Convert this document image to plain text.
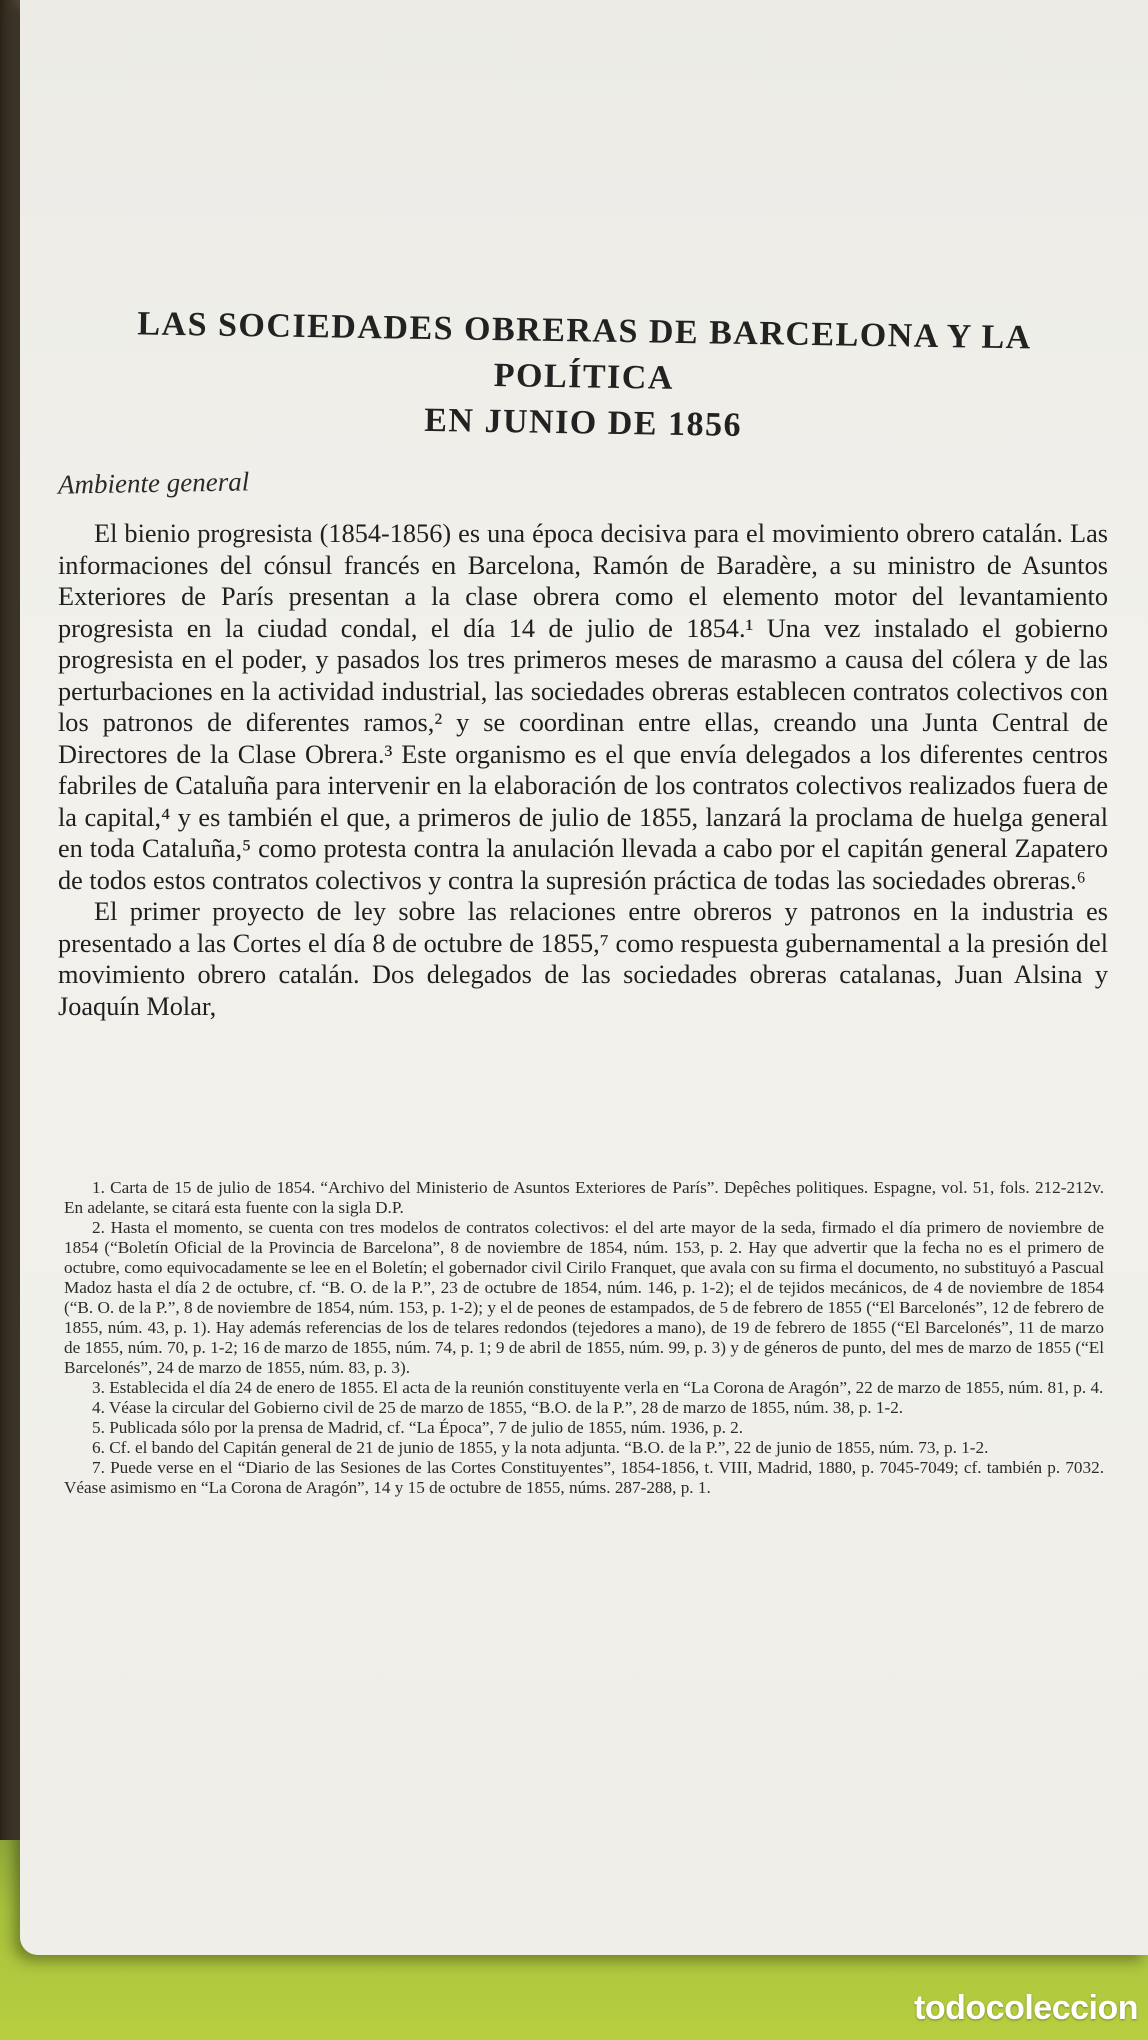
LAS SOCIEDADES OBRERAS DE BARCELONA Y LA POLÍTICA
EN JUNIO DE 1856
Ambiente general

El bienio progresista (1854-1856) es una época decisiva para el movimiento obrero catalán. Las informaciones del cónsul francés en Barcelona, Ramón de Baradère, a su ministro de Asuntos Exteriores de París presentan a la clase obrera como el elemento motor del levantamiento progresista en la ciudad condal, el día 14 de julio de 1854.¹ Una vez instalado el gobierno progresista en el poder, y pasados los tres primeros meses de marasmo a causa del cólera y de las perturbaciones en la actividad industrial, las sociedades obreras establecen contratos colectivos con los patronos de diferentes ramos,² y se coordinan entre ellas, creando una Junta Central de Directores de la Clase Obrera.³ Este organismo es el que envía delegados a los diferentes centros fabriles de Cataluña para intervenir en la elaboración de los contratos colectivos realizados fuera de la capital,⁴ y es también el que, a primeros de julio de 1855, lanzará la proclama de huelga general en toda Cataluña,⁵ como protesta contra la anulación llevada a cabo por el capitán general Zapatero de todos estos contratos colectivos y contra la supresión práctica de todas las sociedades obreras.⁶

El primer proyecto de ley sobre las relaciones entre obreros y patronos en la industria es presentado a las Cortes el día 8 de octubre de 1855,⁷ como respuesta gubernamental a la presión del movimiento obrero catalán. Dos delegados de las sociedades obreras catalanas, Juan Alsina y Joaquín Molar,

1. Carta de 15 de julio de 1854. “Archivo del Ministerio de Asuntos Exteriores de París”. Depêches politiques. Espagne, vol. 51, fols. 212-212v. En adelante, se citará esta fuente con la sigla D.P.

2. Hasta el momento, se cuenta con tres modelos de contratos colectivos: el del arte mayor de la seda, firmado el día primero de noviembre de 1854 (“Boletín Oficial de la Provincia de Barcelona”, 8 de noviembre de 1854, núm. 153, p. 2. Hay que advertir que la fecha no es el primero de octubre, como equivocadamente se lee en el Boletín; el gobernador civil Cirilo Franquet, que avala con su firma el documento, no substituyó a Pascual Madoz hasta el día 2 de octubre, cf. “B. O. de la P.”, 23 de octubre de 1854, núm. 146, p. 1-2); el de tejidos mecánicos, de 4 de noviembre de 1854 (“B. O. de la P.”, 8 de noviembre de 1854, núm. 153, p. 1-2); y el de peones de estampados, de 5 de febrero de 1855 (“El Barcelonés”, 12 de febrero de 1855, núm. 43, p. 1). Hay además referencias de los de telares redondos (tejedores a mano), de 19 de febrero de 1855 (“El Barcelonés”, 11 de marzo de 1855, núm. 70, p. 1-2; 16 de marzo de 1855, núm. 74, p. 1; 9 de abril de 1855, núm. 99, p. 3) y de géneros de punto, del mes de marzo de 1855 (“El Barcelonés”, 24 de marzo de 1855, núm. 83, p. 3).

3. Establecida el día 24 de enero de 1855. El acta de la reunión constituyente verla en “La Corona de Aragón”, 22 de marzo de 1855, núm. 81, p. 4.

4. Véase la circular del Gobierno civil de 25 de marzo de 1855, “B.O. de la P.”, 28 de marzo de 1855, núm. 38, p. 1-2.

5. Publicada sólo por la prensa de Madrid, cf. “La Época”, 7 de julio de 1855, núm. 1936, p. 2.

6. Cf. el bando del Capitán general de 21 de junio de 1855, y la nota adjunta. “B.O. de la P.”, 22 de junio de 1855, núm. 73, p. 1-2.

7. Puede verse en el “Diario de las Sesiones de las Cortes Constituyentes”, 1854-1856, t. VIII, Madrid, 1880, p. 7045-7049; cf. también p. 7032. Véase asimismo en “La Corona de Aragón”, 14 y 15 de octubre de 1855, núms. 287-288, p. 1.

todocoleccion
